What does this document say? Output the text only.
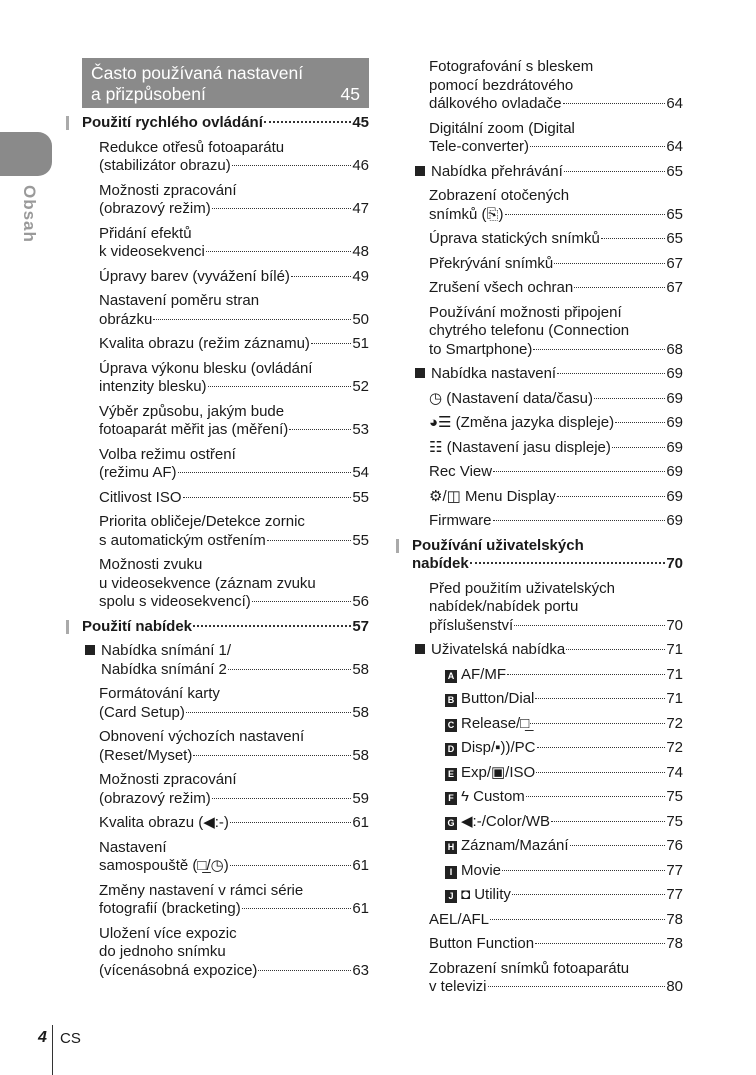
Obsah
Často používaná nastavení
a přizpůsobení	45
Použití rychlého ovládání	45
Redukce otřesů fotoaparátu
(stabilizátor obrazu)	46
Možnosti zpracování
(obrazový režim)	47
Přidání efektů
k videosekvenci	48
Úpravy barev (vyvážení bílé)	49
Nastavení poměru stran
obrázku	50
Kvalita obrazu (režim záznamu)	51
Úprava výkonu blesku (ovládání
intenzity blesku)	52
Výběr způsobu, jakým bude
fotoaparát měřit jas (měření)	53
Volba režimu ostření
(režimu AF)	54
Citlivost ISO	55
Priorita obličeje/Detekce zornic
s automatickým ostřením	55
Možnosti zvuku
u videosekvence (záznam zvuku
spolu s videosekvencí)	56
Použití nabídek	57
Nabídka snímání 1/
Nabídka snímání 2	58
Formátování karty
(Card Setup)	58
Obnovení výchozích nastavení
(Reset/Myset)	58
Možnosti zpracování
(obrazový režim)	59
Kvalita obrazu (◀:-)	61
Nastavení
samospouště (□̲/◷)	61
Změny nastavení v rámci série
fotografií (bracketing)	61
Uložení více expozic
do jednoho snímku
(vícenásobná expozice)	63
Fotografování s bleskem
pomocí bezdrátového
dálkového ovladače	64
Digitální zoom (Digital
Tele-converter)	64
Nabídka přehrávání	65
Zobrazení otočených
snímků (⎘)	65
Úprava statických snímků	65
Překrývání snímků	67
Zrušení všech ochran	67
Používání možnosti připojení
chytrého telefonu (Connection
to Smartphone)	68
Nabídka nastavení	69
◷ (Nastavení data/času)	69
◕☰ (Změna jazyka displeje)	69
☷ (Nastavení jasu displeje)	69
Rec View	69
⚙/◫ Menu Display	69
Firmware	69
Používání uživatelských
nabídek	70
Před použitím uživatelských
nabídek/nabídek portu
příslušenství	70
Uživatelská nabídka	71
A AF/MF	71
B Button/Dial	71
C Release/□̲	72
D Disp/▪))/PC	72
E Exp/▣/ISO	74
F ϟ Custom	75
G ◀:-/Color/WB	75
H Záznam/Mazání	76
I Movie	77
J ◘ Utility	77
AEL/AFL	78
Button Function	78
Zobrazení snímků fotoaparátu
v televizi	80
4 CS
